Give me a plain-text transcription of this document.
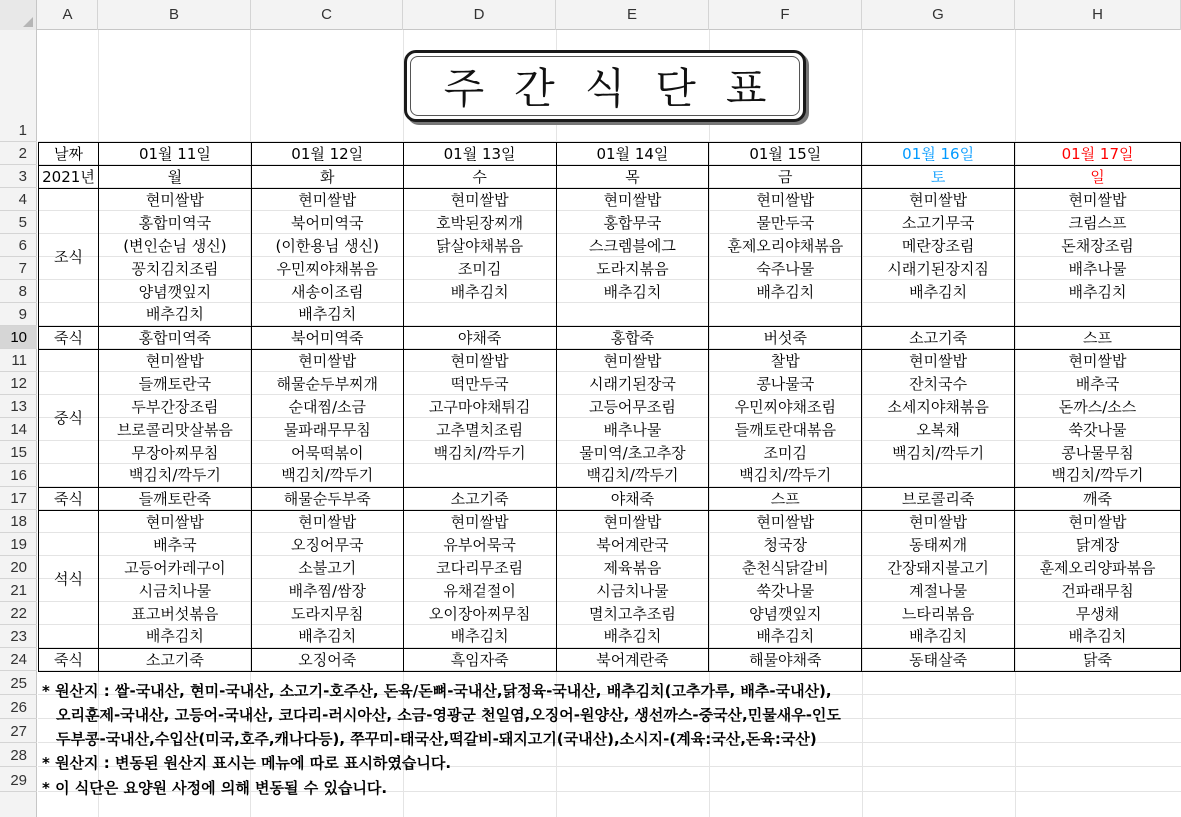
A	B	C	D	E	F	G	H
1
2
3
4
5
6
7
8
9
10
11
12
13
14
15
16
17
18
19
20
21
22
23
24
25
26
27
28
29
주간식단표
날짜	01월 11일	01월 12일	01월 13일	01월 14일	01월 15일	01월 16일	01월 17일
2021년	월	화	수	목	금	토	일
조식	현미쌀밥	현미쌀밥	현미쌀밥	현미쌀밥	현미쌀밥	현미쌀밥	현미쌀밥
	홍합미역국	북어미역국	호박된장찌개	홍합무국	물만두국	소고기무국	크림스프
	(변인순님 생신)	(이한용님 생신)	닭살야채볶음	스크렘블에그	훈제오리야채볶음	메란장조림	돈채장조림
	꽁치김치조림	우민찌야채볶음	조미김	도라지볶음	숙주나물	시래기된장지짐	배추나물
	양념깻잎지	새송이조림	배추김치	배추김치	배추김치	배추김치	배추김치
	배추김치	배추김치					
죽식	홍합미역죽	북어미역죽	야채죽	홍합죽	버섯죽	소고기죽	스프
중식	현미쌀밥	현미쌀밥	현미쌀밥	현미쌀밥	찰밥	현미쌀밥	현미쌀밥
	들깨토란국	해물순두부찌개	떡만두국	시래기된장국	콩나물국	잔치국수	배추국
	두부간장조림	순대찜/소금	고구마야채튀김	고등어무조림	우민찌야채조림	소세지야채볶음	돈까스/소스
	브로콜리맛살볶음	물파래무무침	고추멸치조림	배추나물	들깨토란대볶음	오복채	쑥갓나물
	무장아찌무침	어묵떡볶이	백김치/깍두기	물미역/초고추장	조미김	백김치/깍두기	콩나물무침
	백김치/깍두기	백김치/깍두기		백김치/깍두기	백김치/깍두기		백김치/깍두기
죽식	들깨토란죽	해물순두부죽	소고기죽	야채죽	스프	브로콜리죽	깨죽
석식	현미쌀밥	현미쌀밥	현미쌀밥	현미쌀밥	현미쌀밥	현미쌀밥	현미쌀밥
	배추국	오징어무국	유부어묵국	북어계란국	청국장	동태찌개	닭계장
	고등어카레구이	소불고기	코다리무조림	제육볶음	춘천식닭갈비	간장돼지불고기	훈제오리양파볶음
	시금치나물	배추찜/쌈장	유채겉절이	시금치나물	쑥갓나물	계절나물	건파래무침
	표고버섯볶음	도라지무침	오이장아찌무침	멸치고추조림	양념깻잎지	느타리볶음	무생채
	배추김치	배추김치	배추김치	배추김치	배추김치	배추김치	배추김치
죽식	소고기죽	오징어죽	흑임자죽	북어계란죽	해물야채죽	동태살죽	닭죽
* 원산지 : 쌀-국내산, 현미-국내산, 소고기-호주산, 돈육/돈뼈-국내산,닭정육-국내산, 배추김치(고추가루, 배추-국내산),
오리훈제-국내산, 고등어-국내산, 코다리-러시아산, 소금-영광군 천일염,오징어-원양산, 생선까스-중국산,민물새우-인도
두부콩-국내산,수입산(미국,호주,캐나다등), 쭈꾸미-태국산,떡갈비-돼지고기(국내산),소시지-(계육:국산,돈육:국산)
* 원산지 : 변동된 원산지 표시는 메뉴에 따로 표시하였습니다.
* 이 식단은 요양원 사정에 의해 변동될 수 있습니다.
